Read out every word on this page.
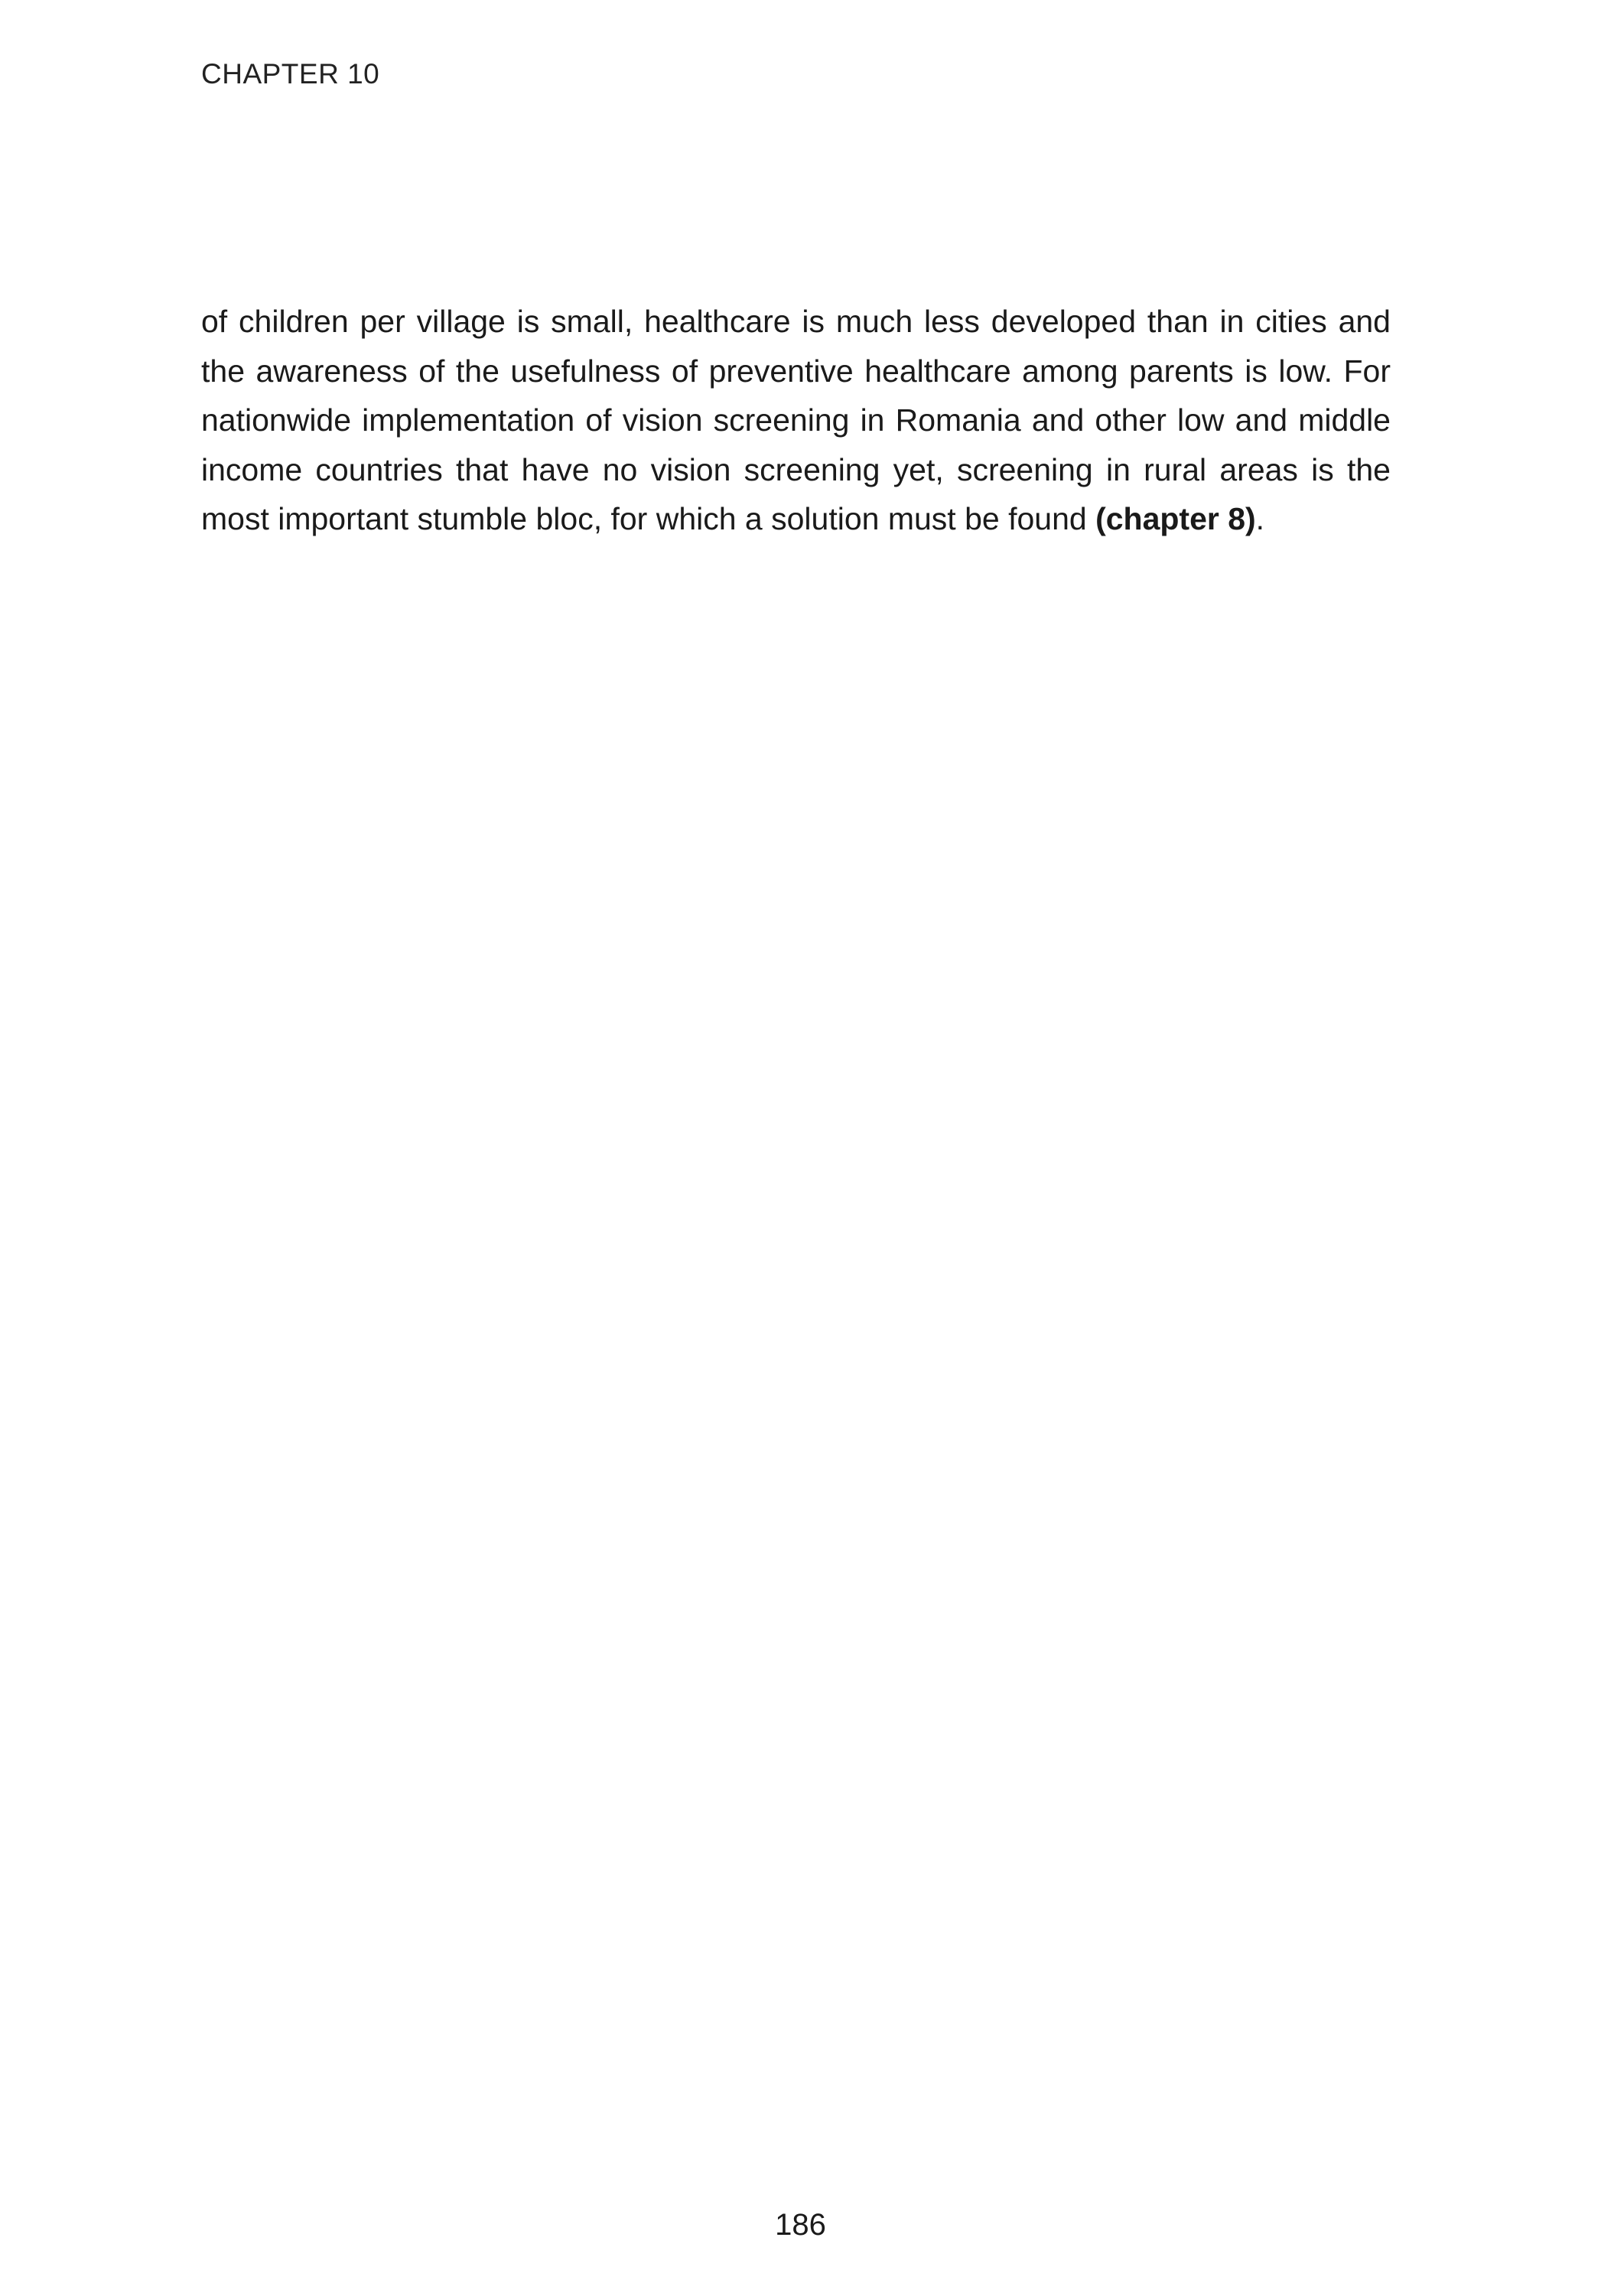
CHAPTER 10
of children per village is small, healthcare is much less developed than in cities and the awareness of the usefulness of preventive healthcare among parents is low. For nationwide implementation of vision screening in Romania and other low and middle income countries that have no vision screening yet, screening in rural areas is the most important stumble bloc, for which a solution must be found (chapter 8).
186
